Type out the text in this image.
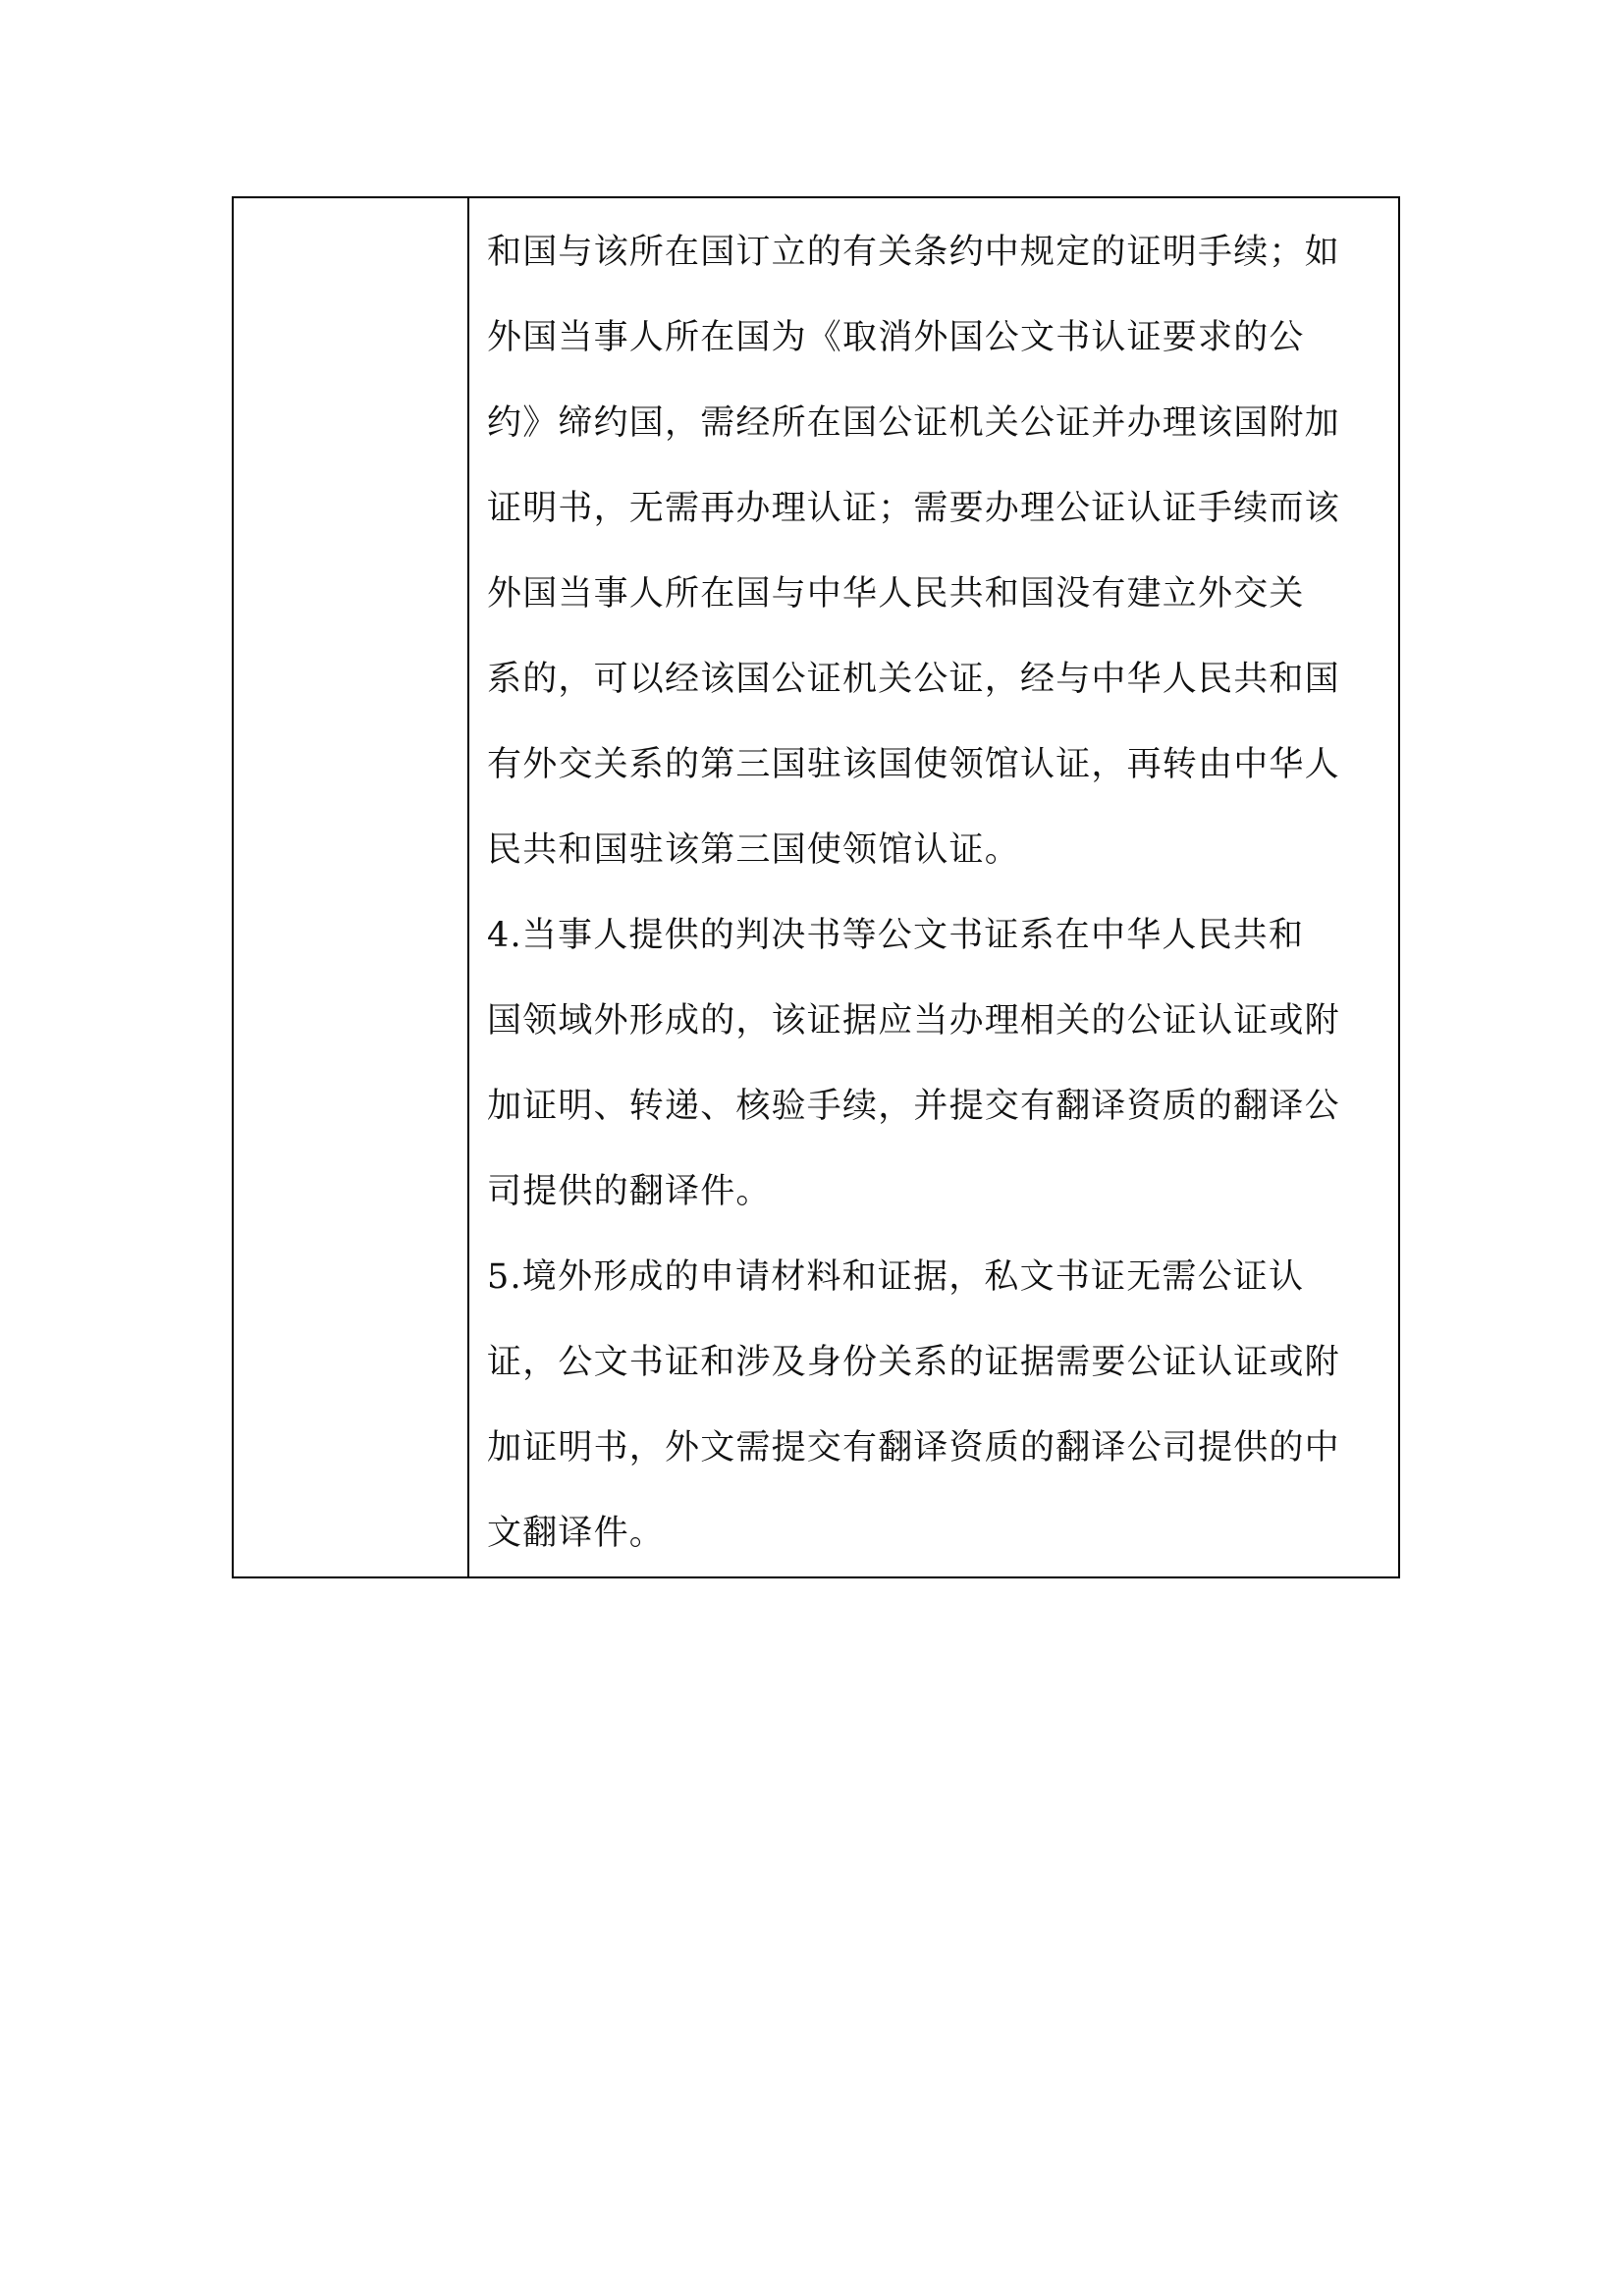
和国与该所在国订立的有关条约中规定的证明手续；如
外国当事人所在国为《取消外国公文书认证要求的公
约》缔约国，需经所在国公证机关公证并办理该国附加
证明书，无需再办理认证；需要办理公证认证手续而该
外国当事人所在国与中华人民共和国没有建立外交关
系的，可以经该国公证机关公证，经与中华人民共和国
有外交关系的第三国驻该国使领馆认证，再转由中华人
民共和国驻该第三国使领馆认证。
4.当事人提供的判决书等公文书证系在中华人民共和
国领域外形成的，该证据应当办理相关的公证认证或附
加证明、转递、核验手续，并提交有翻译资质的翻译公
司提供的翻译件。
5.境外形成的申请材料和证据，私文书证无需公证认
证，公文书证和涉及身份关系的证据需要公证认证或附
加证明书，外文需提交有翻译资质的翻译公司提供的中
文翻译件。
